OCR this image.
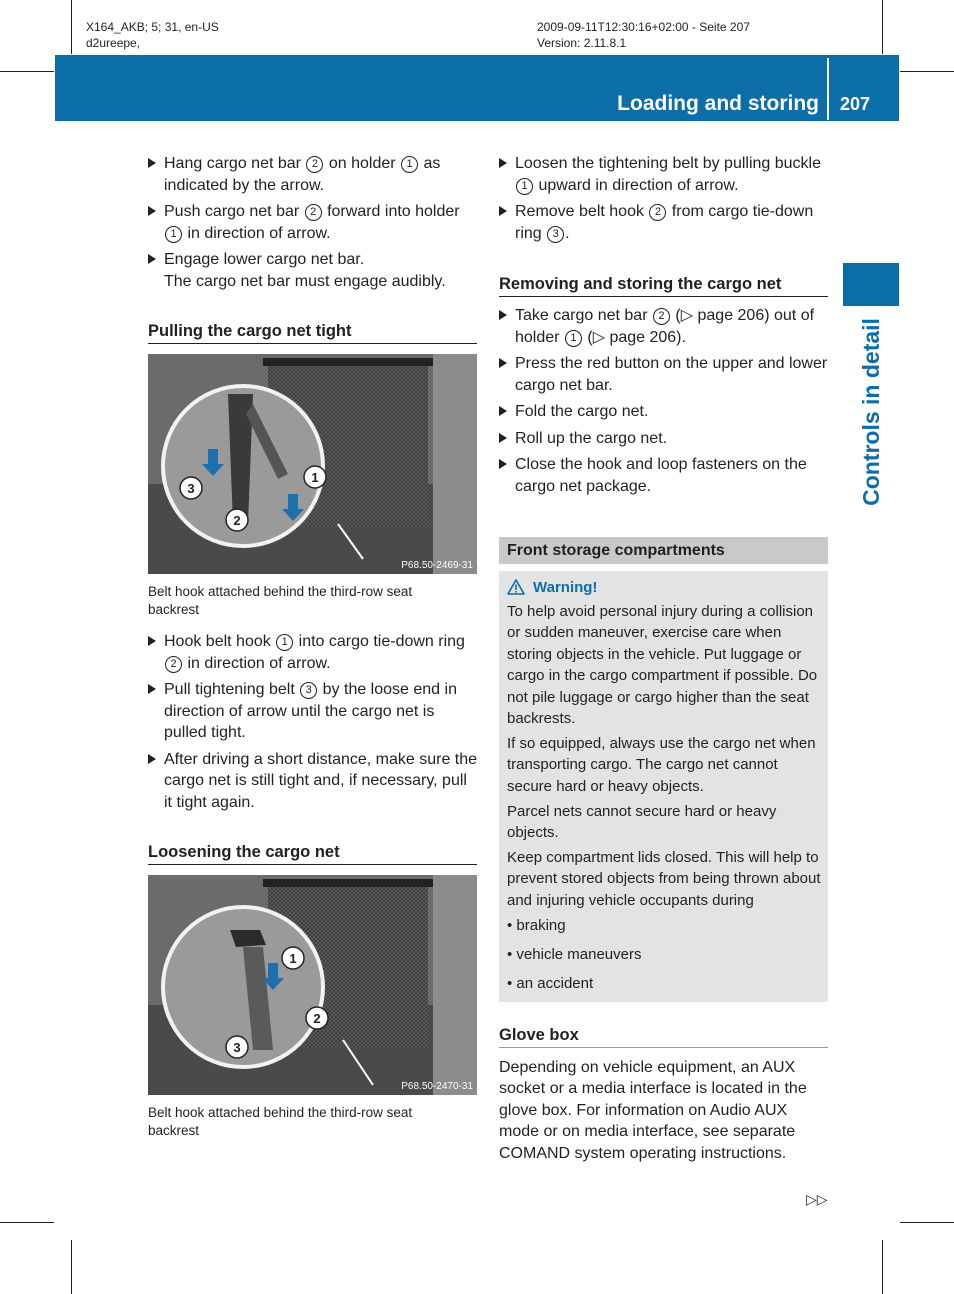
X164_AKB; 5; 31, en-US
d2ureepe,
2009-09-11T12:30:16+02:00 - Seite 207
Version: 2.11.8.1
Loading and storing 207
Controls in detail
Hang cargo net bar 2 on holder 1 as indicated by the arrow.
Push cargo net bar 2 forward into holder 1 in direction of arrow.
Engage lower cargo net bar.
The cargo net bar must engage audibly.
Pulling the cargo net tight
1
2
3
P68.50-2469-31
Belt hook attached behind the third-row seat backrest
Hook belt hook 1 into cargo tie-down ring 2 in direction of arrow.
Pull tightening belt 3 by the loose end in direction of arrow until the cargo net is pulled tight.
After driving a short distance, make sure the cargo net is still tight and, if necessary, pull it tight again.
Loosening the cargo net
1
2
3
P68.50-2470-31
Belt hook attached behind the third-row seat backrest
Loosen the tightening belt by pulling buckle 1 upward in direction of arrow.
Remove belt hook 2 from cargo tie-down ring 3 .
Removing and storing the cargo net
Take cargo net bar 2 (▷ page 206) out of holder 1 (▷ page 206).
Press the red button on the upper and lower cargo net bar.
Fold the cargo net.
Roll up the cargo net.
Close the hook and loop fasteners on the cargo net package.
Front storage compartments
Warning!

To help avoid personal injury during a collision or sudden maneuver, exercise care when storing objects in the vehicle. Put luggage or cargo in the cargo compartment if possible. Do not pile luggage or cargo higher than the seat backrests.

If so equipped, always use the cargo net when transporting cargo. The cargo net cannot secure hard or heavy objects.

Parcel nets cannot secure hard or heavy objects.

Keep compartment lids closed. This will help to prevent stored objects from being thrown about and injuring vehicle occupants during

• braking
• vehicle maneuvers
• an accident
Glove box
Depending on vehicle equipment, an AUX socket or a media interface is located in the glove box. For information on Audio AUX mode or on media interface, see separate COMAND system operating instructions.
▷▷
